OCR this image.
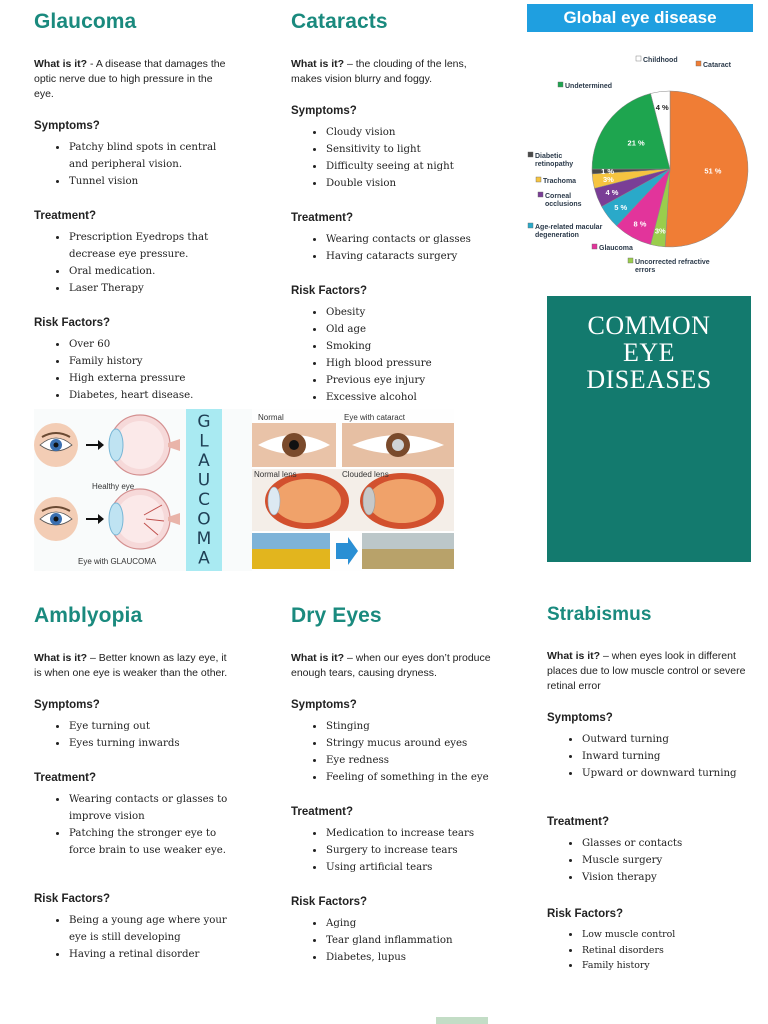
Glaucoma
What is it? - A disease that damages the optic nerve due to high pressure in the eye.
Symptoms?
• Patchy blind spots in central and peripheral vision.
• Tunnel vision
Treatment?
• Prescription Eyedrops that decrease eye pressure.
• Oral medication.
• Laser Therapy
Risk Factors?
• Over 60
• Family history
• High externa pressure
• Diabetes, heart disease.
Cataracts
What is it? – the clouding of the lens, makes vision blurry and foggy.
Symptoms?
• Cloudy vision
• Sensitivity to light
• Difficulty seeing at night
• Double vision
Treatment?
• Wearing contacts or glasses
• Having cataracts surgery
Risk Factors?
• Obesity
• Old age
• Smoking
• High blood pressure
• Previous eye injury
• Excessive alcohol
Global eye disease
51 %
3%
8 %
5 %
4 %
3%
1 %
21 %
4 %
Cataract
Uncorrected refractive
errors
Glaucoma
Age-related macular
degeneration
Corneal
occlusions
Trachoma
Diabetic
retinopathy
Undetermined
Childhood
COMMON
EYE
DISEASES
Healthy eye
Eye with GLAUCOMA
G
L
A
U
C
O
M
A
Normal	Eye with cataract
Normal lens	Clouded lens
Amblyopia
What is it? – Better known as lazy eye, it is when one eye is weaker than the other.
Symptoms?
• Eye turning out
• Eyes turning inwards
Treatment?
• Wearing contacts or glasses to improve vision
• Patching the stronger eye to force brain to use weaker eye.
Risk Factors?
• Being a young age where your eye is still developing
• Having a retinal disorder
Dry Eyes
What is it? – when our eyes don’t produce enough tears, causing dryness.
Symptoms?
• Stinging
• Stringy mucus around eyes
• Eye redness
• Feeling of something in the eye
Treatment?
• Medication to increase tears
• Surgery to increase tears
• Using artificial tears
Risk Factors?
• Aging
• Tear gland inflammation
• Diabetes, lupus
Strabismus
What is it? – when eyes look in different places due to low muscle control or severe retinal error
Symptoms?
• Outward turning
• Inward turning
• Upward or downward turning
Treatment?
• Glasses or contacts
• Muscle surgery
• Vision therapy
Risk Factors?
• Low muscle control
• Retinal disorders
• Family history
